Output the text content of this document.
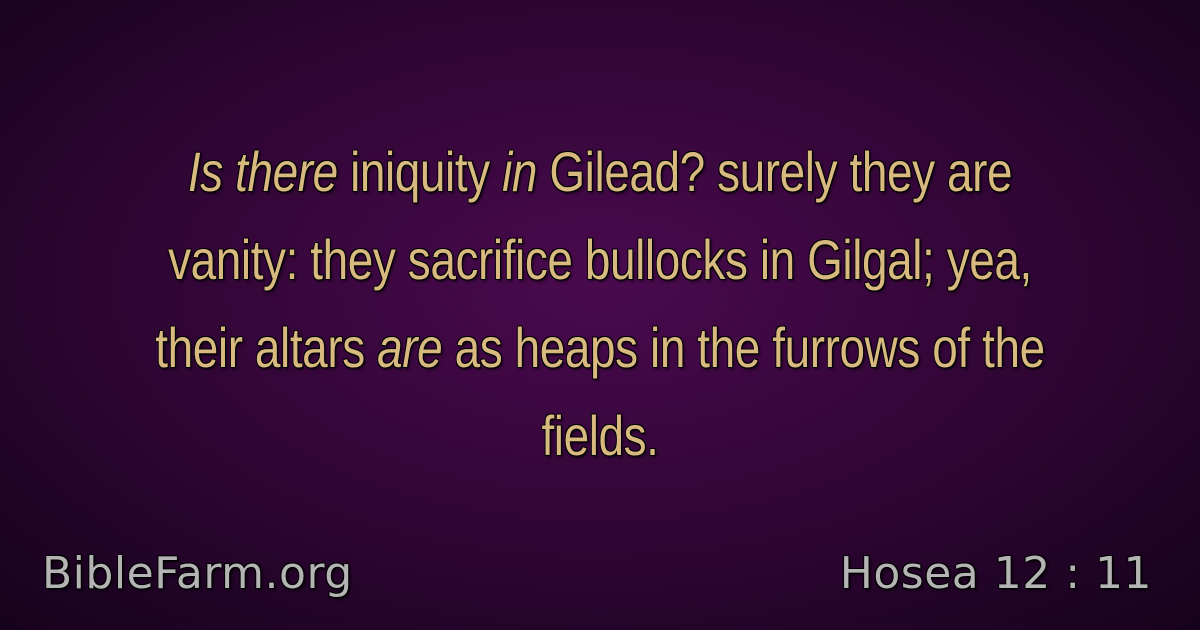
Is there iniquity in Gilead? surely they are vanity: they sacrifice bullocks in Gilgal; yea, their altars are as heaps in the furrows of the fields.
BibleFarm.org	Hosea 12 : 11
